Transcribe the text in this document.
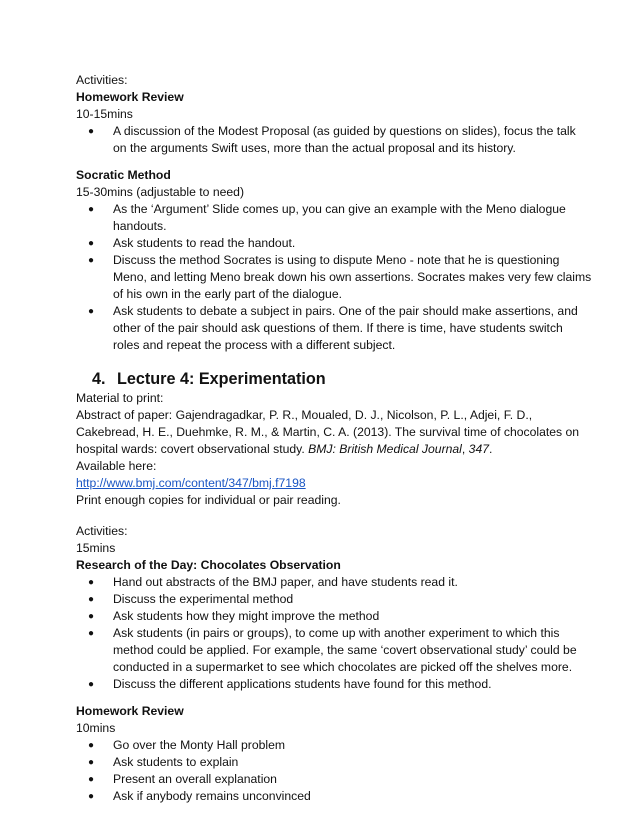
Activities:
Homework Review
10-15mins
● A discussion of the Modest Proposal (as guided by questions on slides), focus the talk
on the arguments Swift uses, more than the actual proposal and its history.
Socratic Method
15-30mins (adjustable to need)
● As the ‘Argument’ Slide comes up, you can give an example with the Meno dialogue
handouts.
● Ask students to read the handout.
● Discuss the method Socrates is using to dispute Meno - note that he is questioning
Meno, and letting Meno break down his own assertions. Socrates makes very few claims
of his own in the early part of the dialogue.
● Ask students to debate a subject in pairs. One of the pair should make assertions, and
other of the pair should ask questions of them. If there is time, have students switch
roles and repeat the process with a different subject.
4. Lecture 4: Experimentation
Material to print:
Abstract of paper: Gajendragadkar, P. R., Moualed, D. J., Nicolson, P. L., Adjei, F. D.,
Cakebread, H. E., Duehmke, R. M., & Martin, C. A. (2013). The survival time of chocolates on
hospital wards: covert observational study. BMJ: British Medical Journal, 347.
Available here:
http://www.bmj.com/content/347/bmj.f7198
Print enough copies for individual or pair reading.
Activities:
15mins
Research of the Day: Chocolates Observation
● Hand out abstracts of the BMJ paper, and have students read it.
● Discuss the experimental method
● Ask students how they might improve the method
● Ask students (in pairs or groups), to come up with another experiment to which this
method could be applied. For example, the same ‘covert observational study’ could be
conducted in a supermarket to see which chocolates are picked off the shelves more.
● Discuss the different applications students have found for this method.
Homework Review
10mins
● Go over the Monty Hall problem
● Ask students to explain
● Present an overall explanation
● Ask if anybody remains unconvinced
